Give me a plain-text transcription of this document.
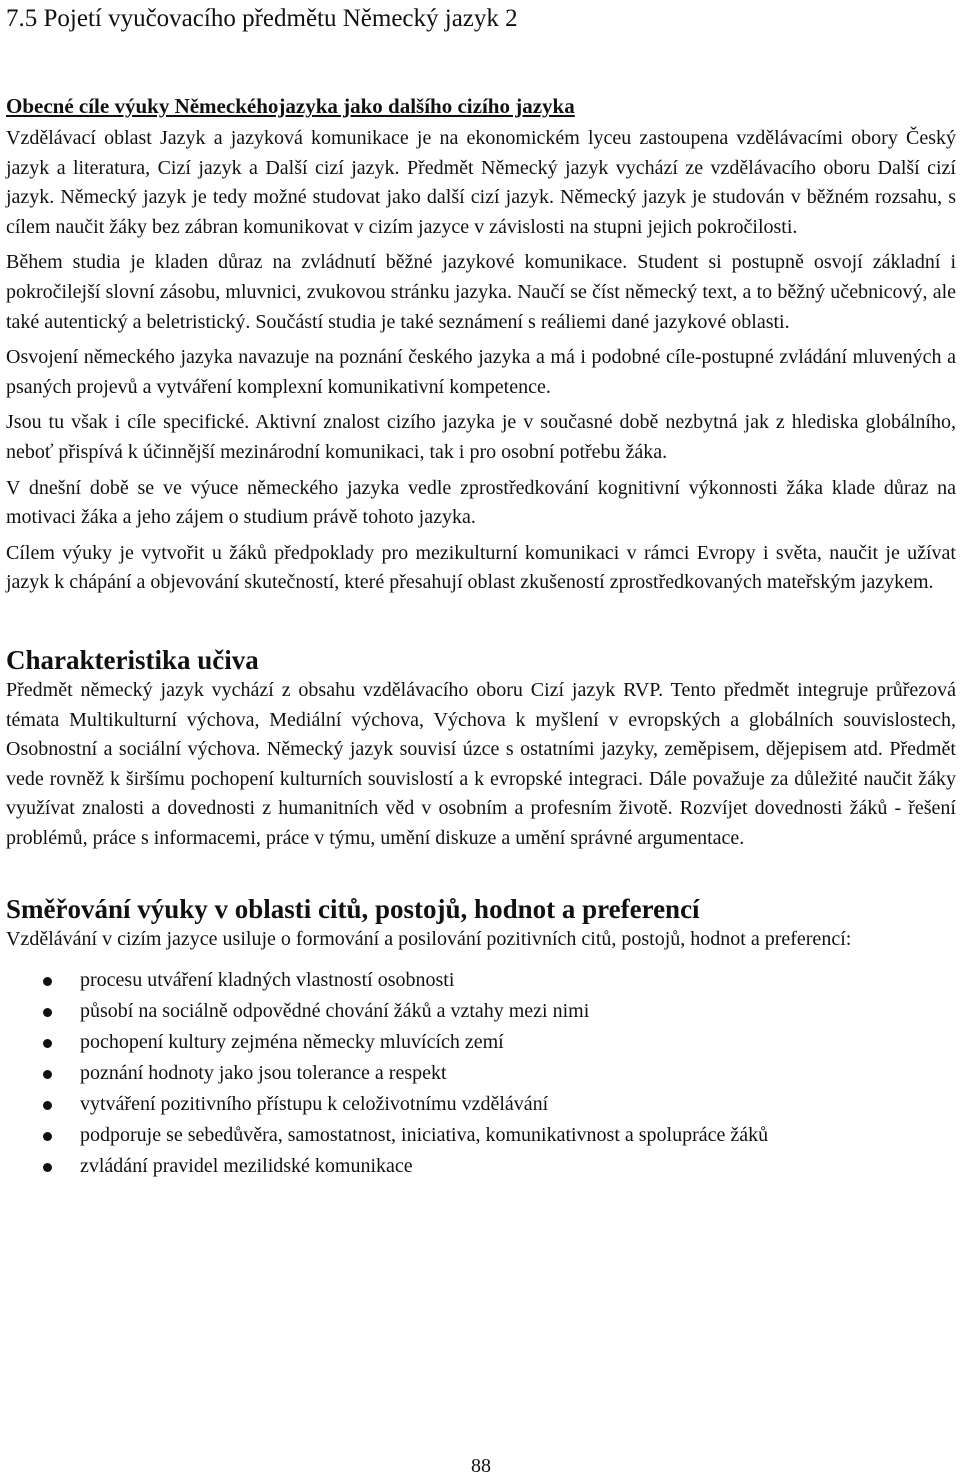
7.5 Pojetí vyučovacího předmětu Německý jazyk 2
Obecné cíle výuky Německéhojazyka jako dalšího cizího jazyka

Vzdělávací oblast Jazyk a jazyková komunikace je na ekonomickém lyceu zastoupena vzdělávacími obory Český jazyk a literatura, Cizí jazyk a Další cizí jazyk. Předmět Německý jazyk vychází ze vzdělávacího oboru Další cizí jazyk. Německý jazyk je tedy možné studovat jako další cizí jazyk. Německý jazyk je studován v běžném rozsahu, s cílem naučit žáky bez zábran komunikovat v cizím jazyce v závislosti na stupni jejich pokročilosti.

Během studia je kladen důraz na zvládnutí běžné jazykové komunikace. Student si postupně osvojí základní i pokročilejší slovní zásobu, mluvnici, zvukovou stránku jazyka. Naučí se číst německý text, a to běžný učebnicový, ale také autentický a beletristický. Součástí studia je také seznámení s reáliemi dané jazykové oblasti.

Osvojení německého jazyka navazuje na poznání českého jazyka a má i podobné cíle-postupné zvládání mluvených a psaných projevů a vytváření komplexní komunikativní kompetence.

Jsou tu však i cíle specifické. Aktivní znalost cizího jazyka je v současné době nezbytná jak z hlediska globálního, neboť přispívá k účinnější mezinárodní komunikaci, tak i pro osobní potřebu žáka.

V dnešní době se ve výuce německého jazyka vedle zprostředkování kognitivní výkonnosti žáka klade důraz na motivaci žáka a jeho zájem o studium právě tohoto jazyka.

Cílem výuky je vytvořit u žáků předpoklady pro mezikulturní komunikaci v rámci Evropy i světa, naučit je užívat jazyk k chápání a objevování skutečností, které přesahují oblast zkušeností zprostředkovaných mateřským jazykem.

Charakteristika učiva

Předmět německý jazyk vychází z obsahu vzdělávacího oboru Cizí jazyk RVP. Tento předmět integruje průřezová témata Multikulturní výchova, Mediální výchova, Výchova k myšlení v evropských a globálních souvislostech, Osobnostní a sociální výchova. Německý jazyk souvisí úzce s ostatními jazyky, zeměpisem, dějepisem atd. Předmět vede rovněž k širšímu pochopení kulturních souvislostí a k evropské integraci. Dále považuje za důležité naučit žáky využívat znalosti a dovednosti z humanitních věd v osobním a profesním životě. Rozvíjet dovednosti žáků - řešení problémů, práce s informacemi, práce v týmu, umění diskuze a umění správné argumentace.

Směřování výuky v oblasti citů, postojů, hodnot a preferencí

Vzdělávání v cizím jazyce usiluje o formování a posilování pozitivních citů, postojů, hodnot a preferencí:

procesu utváření kladných vlastností osobnosti
působí na sociálně odpovědné chování žáků a vztahy mezi nimi
pochopení kultury zejména německy mluvících zemí
poznání hodnoty jako jsou tolerance a respekt
vytváření pozitivního přístupu k celoživotnímu vzdělávání
podporuje se sebedůvěra, samostatnost, iniciativa, komunikativnost a spolupráce žáků
zvládání pravidel mezilidské komunikace
88
